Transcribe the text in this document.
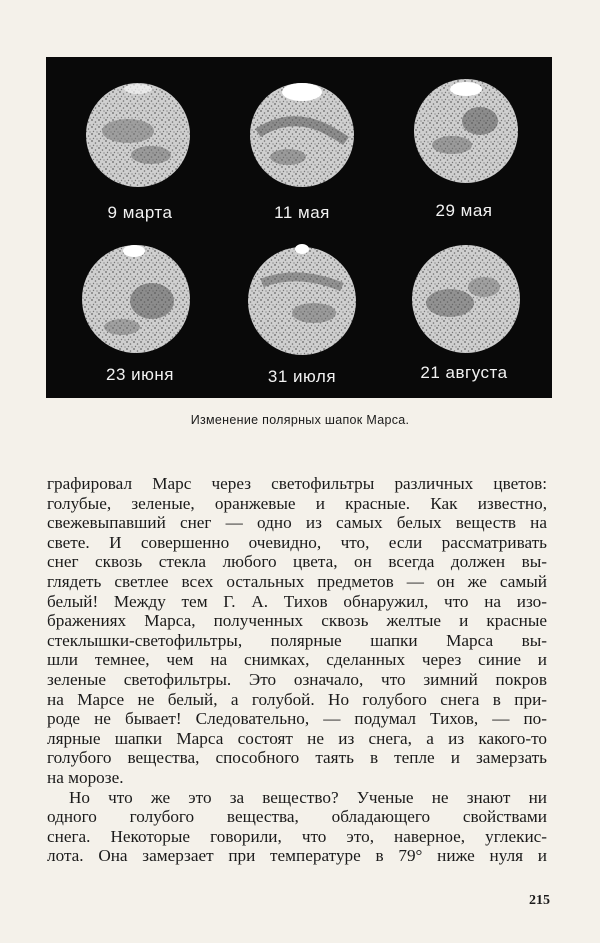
9 марта	11 мая	29 мая
23 июня	31 июля	21 августа
Изменение полярных шапок Марса.
графировал Марс через светофильтры различных цветов:
голубые, зеленые, оранжевые и красные. Как известно,
свежевыпавший снег — одно из самых белых веществ на
свете. И совершенно очевидно, что, если рассматривать
снег сквозь стекла любого цвета, он всегда должен вы-
глядеть светлее всех остальных предметов — он же самый
белый! Между тем Г. А. Тихов обнаружил, что на изо-
бражениях Марса, полученных сквозь желтые и красные
стеклышки-светофильтры, полярные шапки Марса вы-
шли темнее, чем на снимках, сделанных через синие и
зеленые светофильтры. Это означало, что зимний покров
на Марсе не белый, а голубой. Но голубого снега в при-
роде не бывает! Следовательно, — подумал Тихов, — по-
лярные шапки Марса состоят не из снега, а из какого-то
голубого вещества, способного таять в тепле и замерзать
на морозе.
Но что же это за вещество? Ученые не знают ни
одного голубого вещества, обладающего свойствами
снега. Некоторые говорили, что это, наверное, углекис-
лота. Она замерзает при температуре в 79° ниже нуля и
215
